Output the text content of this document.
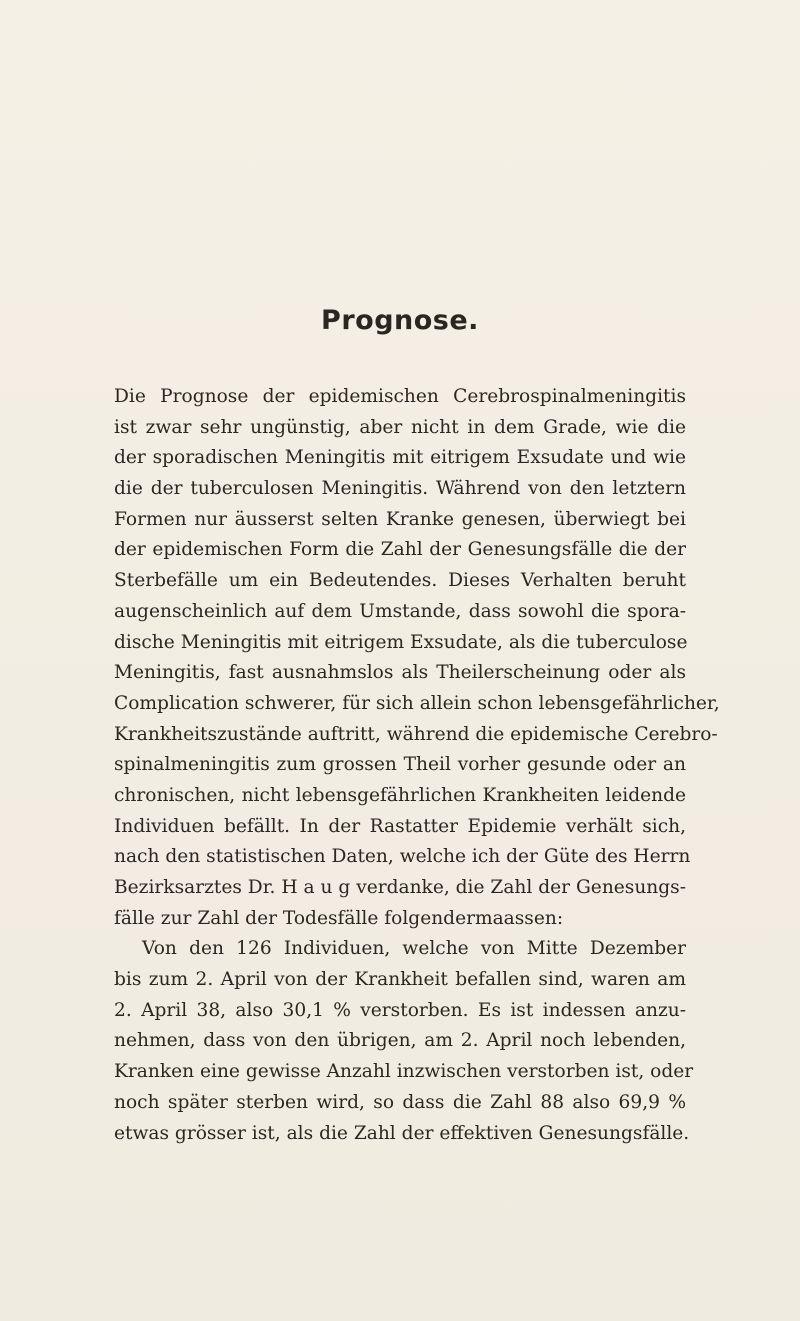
Prognose.
Die Prognose der epidemischen Cerebrospinalmeningitis
ist zwar sehr ungünstig, aber nicht in dem Grade, wie die
der sporadischen Meningitis mit eitrigem Exsudate und wie
die der tuberculosen Meningitis. Während von den letztern
Formen nur äusserst selten Kranke genesen, überwiegt bei
der epidemischen Form die Zahl der Genesungsfälle die der
Sterbefälle um ein Bedeutendes. Dieses Verhalten beruht
augenscheinlich auf dem Umstande, dass sowohl die spora-
dische Meningitis mit eitrigem Exsudate, als die tuberculose
Meningitis, fast ausnahmslos als Theilerscheinung oder als
Complication schwerer, für sich allein schon lebensgefährlicher,
Krankheitszustände auftritt, während die epidemische Cerebro-
spinalmeningitis zum grossen Theil vorher gesunde oder an
chronischen, nicht lebensgefährlichen Krankheiten leidende
Individuen befällt. In der Rastatter Epidemie verhält sich,
nach den statistischen Daten, welche ich der Güte des Herrn
Bezirksarztes Dr. H a u g verdanke, die Zahl der Genesungs-
fälle zur Zahl der Todesfälle folgendermaassen:
Von den 126 Individuen, welche von Mitte Dezember
bis zum 2. April von der Krankheit befallen sind, waren am
2. April 38, also 30,1 % verstorben. Es ist indessen anzu-
nehmen, dass von den übrigen, am 2. April noch lebenden,
Kranken eine gewisse Anzahl inzwischen verstorben ist, oder
noch später sterben wird, so dass die Zahl 88 also 69,9 %
etwas grösser ist, als die Zahl der effektiven Genesungsfälle.
